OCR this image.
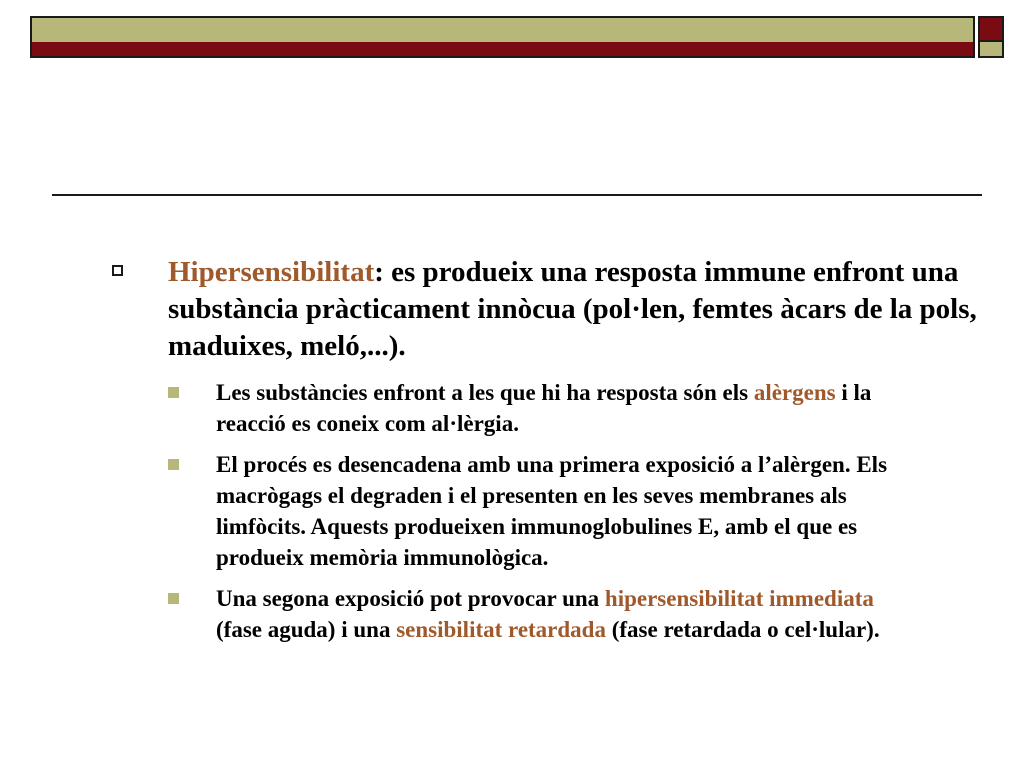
Hipersensibilitat: es produeix una resposta immune enfront una substància pràcticament innòcua (pol·len, femtes àcars de la pols, maduixes, meló,...).
Les substàncies enfront a les que hi ha resposta són els alèrgens i la reacció es coneix com al·lèrgia.
El procés es desencadena amb una primera exposició a l’alèrgen. Els macrògags el degraden i el presenten en les seves membranes als limfòcits. Aquests produeixen immunoglobulines E, amb el que es produeix memòria immunològica.
Una segona exposició pot provocar una hipersensibilitat immediata (fase aguda) i una sensibilitat retardada (fase retardada o cel·lular).
